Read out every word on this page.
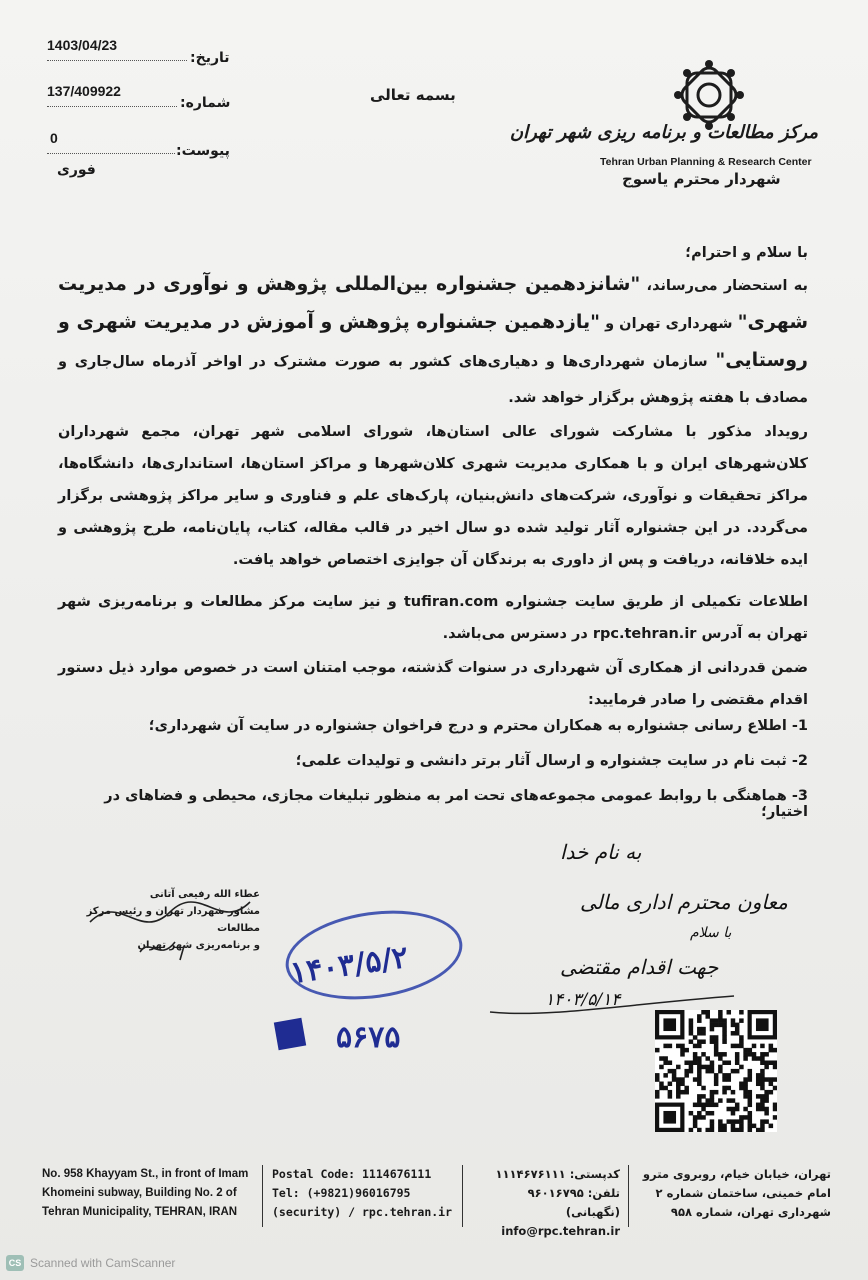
1403/04/23
تاریخ:
137/409922
شماره:
0
پیوست:
فوری
بسمه تعالی
مرکز مطالعات و برنامه ریزی شهر تهران
Tehran Urban Planning & Research Center
شهردار محترم یاسوج
با سلام و احترام؛
به استحضار می‌رساند، "شانزدهمین جشنواره بین‌المللی پژوهش و نوآوری در مدیریت شهری" شهرداری تهران و "یازدهمین جشنواره پژوهش و آموزش در مدیریت شهری و روستایی" سازمان شهرداری‌ها و دهیاری‌های کشور به صورت مشترک در اواخر آذرماه سال‌جاری و مصادف با هفته پژوهش برگزار خواهد شد.
رویداد مذکور با مشارکت شورای عالی استان‌ها، شورای اسلامی شهر تهران، مجمع شهرداران کلان‌شهرهای ایران و با همکاری مدیریت شهری کلان‌شهرها و مراکز استان‌ها، استانداری‌ها، دانشگاه‌ها، مراکز تحقیقات و نوآوری، شرکت‌های دانش‌بنیان، پارک‌های علم و فناوری و سایر مراکز پژوهشی برگزار می‌گردد. در این جشنواره آثار تولید شده دو سال اخیر در قالب مقاله، کتاب، پایان‌نامه، طرح پژوهشی و ایده خلاقانه، دریافت و پس از داوری به برندگان آن جوایزی اختصاص خواهد یافت.
اطلاعات تکمیلی از طریق سایت جشنواره tufiran.com و نیز سایت مرکز مطالعات و برنامه‌ریزی شهر تهران به آدرس rpc.tehran.ir در دسترس می‌باشد.
ضمن قدردانی از همکاری آن شهرداری در سنوات گذشته، موجب امتنان است در خصوص موارد ذیل دستور اقدام مقتضی را صادر فرمایید:
1- اطلاع رسانی جشنواره به همکاران محترم و درج فراخوان جشنواره در سایت آن شهرداری؛
2- ثبت نام در سایت جشنواره و ارسال آثار برتر دانشی و تولیدات علمی؛
3- هماهنگی با روابط عمومی مجموعه‌های تحت امر به منظور تبلیغات مجازی، محیطی و فضاهای در اختیار؛
عطاء الله رفیعی آتانی
مشاور شهردار تهران و رئیس مرکز مطالعات
و برنامه‌ریزی شهر تهران ۱۴۰۳/۵/۲
۵۶۷۵
به نام خدا
معاون محترم اداری مالی
با سلام
جهت اقدام مقتضی
۱۴۰۳/۵/۱۴
No. 958 Khayyam St., in front of Imam
Khomeini subway, Building No. 2 of
Tehran Municipality, TEHRAN, IRAN
Postal Code: 1114676111
Tel: (+9821)96016795
(security) / rpc.tehran.ir
کدپستی: ۱۱۱۴۶۷۶۱۱۱
تلفن: ۹۶۰۱۶۷۹۵ (نگهبانی)
info@rpc.tehran.ir
تهران، خیابان خیام، روبروی مترو
امام خمینی، ساختمان شماره ۲
شهرداری تهران، شماره ۹۵۸
CS Scanned with CamScanner
